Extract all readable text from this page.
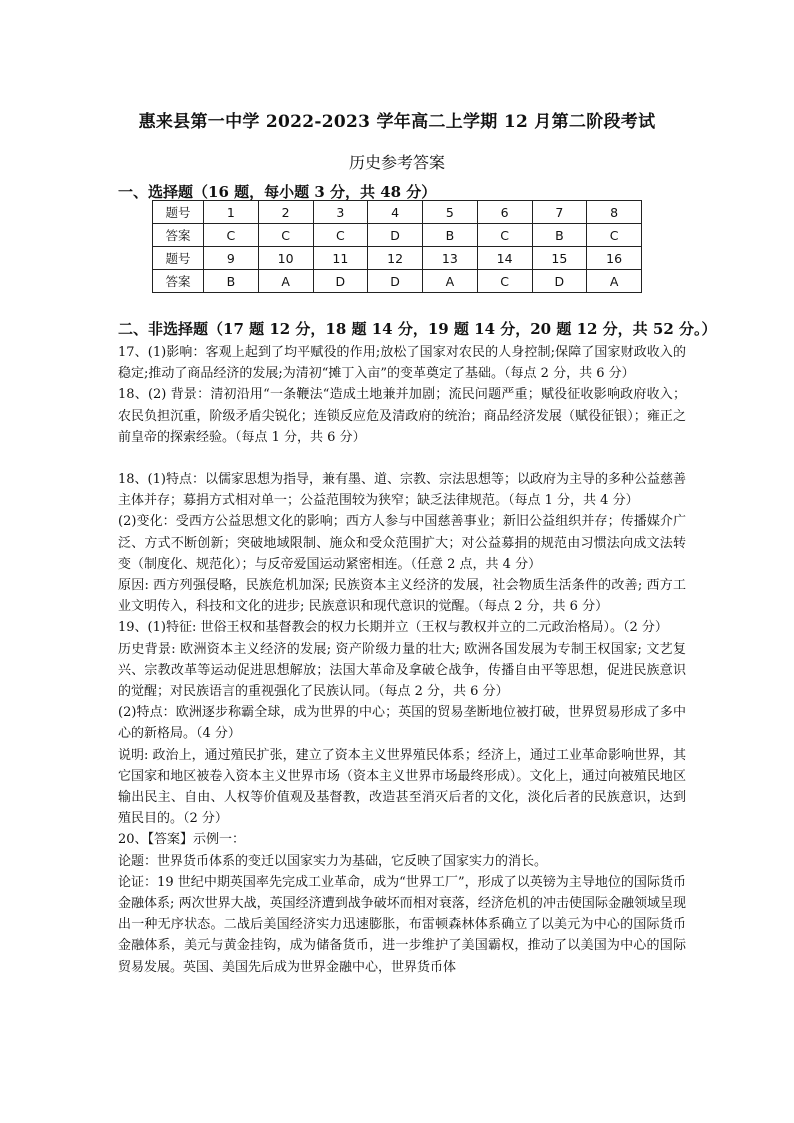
惠来县第一中学 2022-2023 学年高二上学期 12 月第二阶段考试
历史参考答案
一、选择题（16 题，每小题 3 分，共 48 分）
题号	1	2	3	4	5	6	7	8
答案	C	C	C	D	B	C	B	C
题号	9	10	11	12	13	14	15	16
答案	B	A	D	D	A	C	D	A
二、非选择题（17 题 12 分，18 题 14 分，19 题 14 分，20 题 12 分，共 52 分。）

17、(1)影响：客观上起到了均平赋役的作用;放松了国家对农民的人身控制;保障了国家财政收入的稳定;推动了商品经济的发展;为清初“摊丁入亩”的变革奠定了基础。（每点 2 分，共 6 分）

18、(2) 背景：清初沿用“一条鞭法“造成土地兼并加剧；流民问题严重；赋役征收影响政府收入；农民负担沉重，阶级矛盾尖锐化；连锁反应危及清政府的统治；商品经济发展（赋役征银）；雍正之前皇帝的探索经验。（每点 1 分，共 6 分）

18、(1)特点：以儒家思想为指导，兼有墨、道、宗教、宗法思想等；以政府为主导的多种公益慈善主体并存；募捐方式相对单一；公益范围较为狭窄；缺乏法律规范。（每点 1 分，共 4 分）

(2)变化：受西方公益思想文化的影响；西方人参与中国慈善事业；新旧公益组织并存；传播媒介广泛、方式不断创新；突破地域限制、施众和受众范围扩大；对公益募捐的规范由习惯法向成文法转变（制度化、规范化）；与反帝爱国运动紧密相连。（任意 2 点，共 4 分）

原因: 西方列强侵略，民族危机加深; 民族资本主义经济的发展，社会物质生活条件的改善; 西方工业文明传入，科技和文化的进步; 民族意识和现代意识的觉醒。（每点 2 分，共 6 分）

19、(1)特征: 世俗王权和基督教会的权力长期并立（王权与教权并立的二元政治格局）。（2 分）

历史背景: 欧洲资本主义经济的发展; 资产阶级力量的壮大; 欧洲各国发展为专制王权国家; 文艺复兴、宗教改革等运动促进思想解放；法国大革命及拿破仑战争，传播自由平等思想，促进民族意识的觉醒；对民族语言的重视强化了民族认同。（每点 2 分，共 6 分）

(2)特点：欧洲逐步称霸全球，成为世界的中心；英国的贸易垄断地位被打破，世界贸易形成了多中心的新格局。（4 分）

说明: 政治上，通过殖民扩张，建立了资本主义世界殖民体系；经济上，通过工业革命影响世界，其它国家和地区被卷入资本主义世界市场（资本主义世界市场最终形成）。文化上，通过向被殖民地区输出民主、自由、人权等价值观及基督教，改造甚至消灭后者的文化，淡化后者的民族意识，达到殖民目的。（2 分）

20、【答案】示例一：

论题：世界货币体系的变迁以国家实力为基础，它反映了国家实力的消长。

论证：19 世纪中期英国率先完成工业革命，成为“世界工厂”，形成了以英镑为主导地位的国际货币金融体系; 两次世界大战，英国经济遭到战争破坏而相对衰落，经济危机的冲击使国际金融领域呈现出一种无序状态。二战后美国经济实力迅速膨胀，布雷顿森林体系确立了以美元为中心的国际货币金融体系，美元与黄金挂钩，成为储备货币，进一步维护了美国霸权，推动了以美国为中心的国际贸易发展。英国、美国先后成为世界金融中心，世界货币体
